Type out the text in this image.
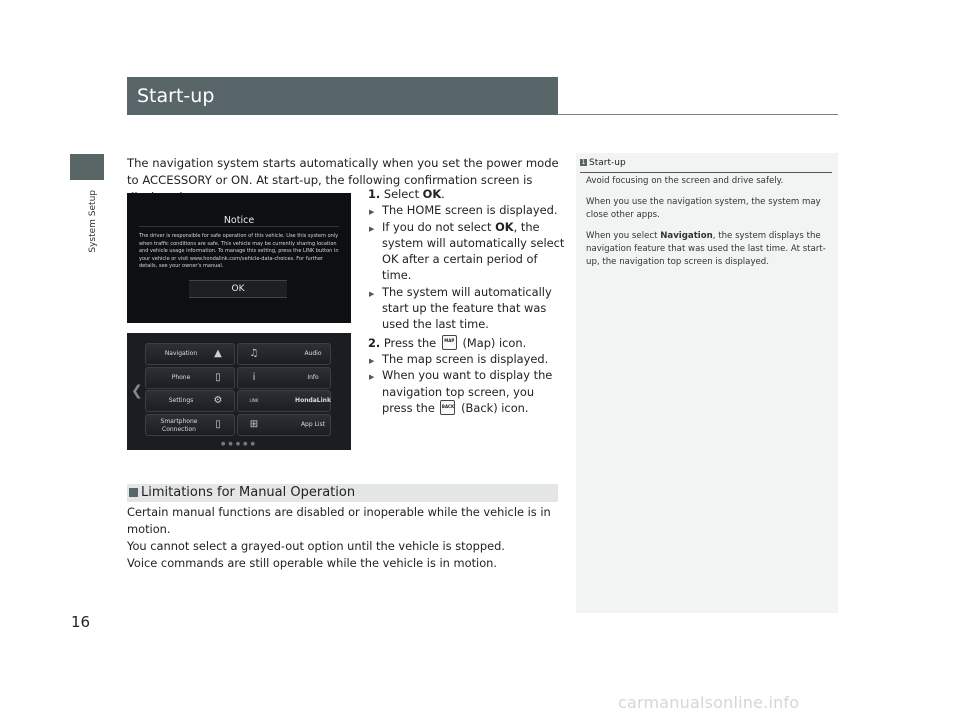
System Setup
16
Start-up
The navigation system starts automatically when you set the power mode to ACCESSORY or ON. At start-up, the following confirmation screen is
Notice
The driver is responsible for safe operation of this vehicle. Use this system only when traffic conditions are safe. This vehicle may be currently sharing location and vehicle usage information. To manage this setting, press the LINK button in your vehicle or visit www.hondalink.com/vehicle-data-choices. For further details, see your owner's manual.
OK
❮
Navigation	▲
Phone	▯
Settings	⚙
Smartphone Connection	▯
♫	Audio
i	Info
LINK	HondaLink
⊞	App List
●●●●●

1. Select OK.

▶ The HOME screen is displayed.

▶ If you do not select OK, the system will automatically select OK after a certain period of time.

▶ The system will automatically start up the feature that was used the last time.

2. Press the	MAP (Map) icon.

▶ The map screen is displayed.

▶ When you want to display the navigation top screen, you press the BACK (Back) icon.

Limitations for Manual Operation

Certain manual functions are disabled or inoperable while the vehicle is in motion.

You cannot select a grayed-out option until the vehicle is stopped.

Voice commands are still operable while the vehicle is in motion.

1 Start-up

Avoid focusing on the screen and drive safely.

When you use the navigation system, the system may close other apps.

When you select Navigation, the system displays the navigation feature that was used the last time. At start-up, the navigation top screen is displayed.

carmanualsonline.info
